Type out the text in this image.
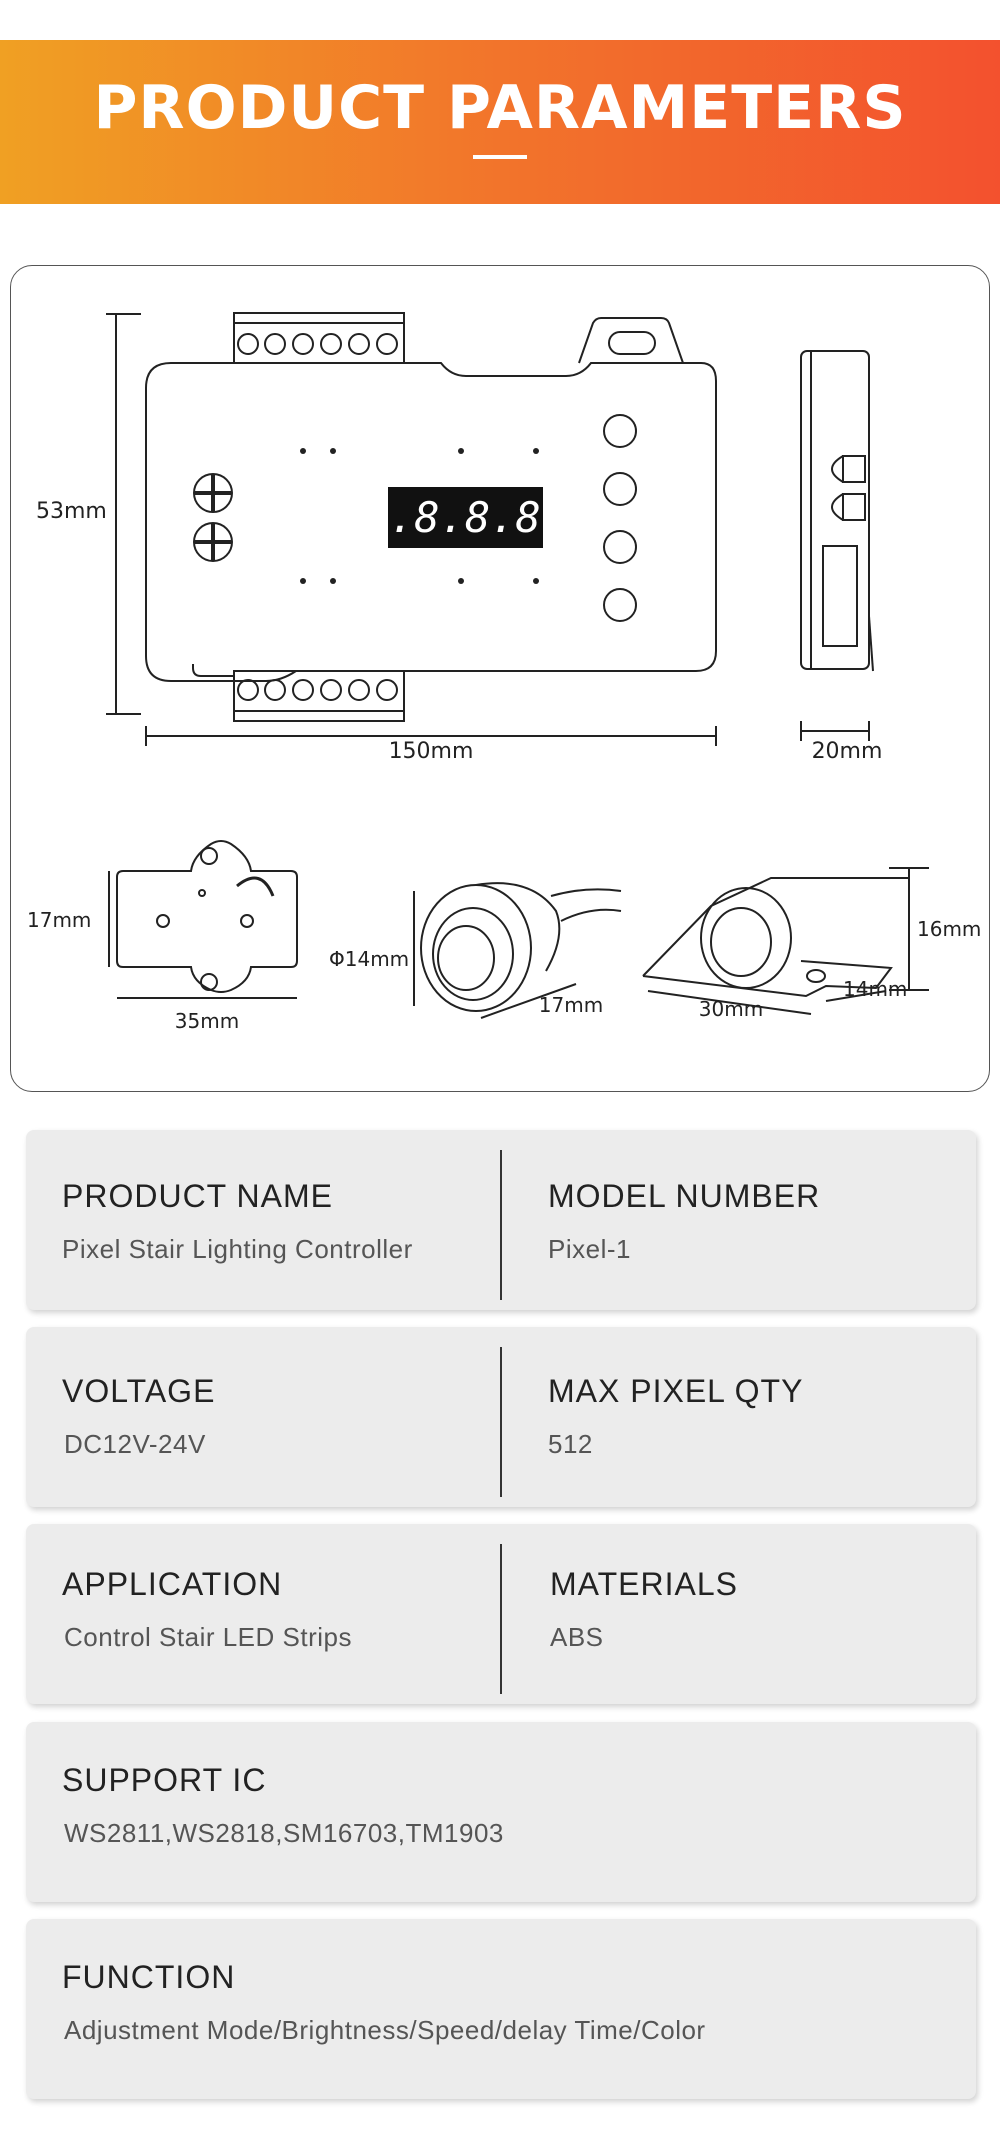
PRODUCT PARAMETERS
8.8.8.8.
53mm
150mm	20mm
17mm
35mm
Φ14mm
17mm
16mm
14mm
30mm
PRODUCT NAME
Pixel Stair Lighting Controller
MODEL NUMBER
Pixel-1
VOLTAGE
DC12V-24V
MAX PIXEL QTY
512
APPLICATION
Control Stair LED Strips
MATERIALS
ABS
SUPPORT IC
WS2811,WS2818,SM16703,TM1903
FUNCTION
Adjustment Mode/Brightness/Speed/delay Time/Color
